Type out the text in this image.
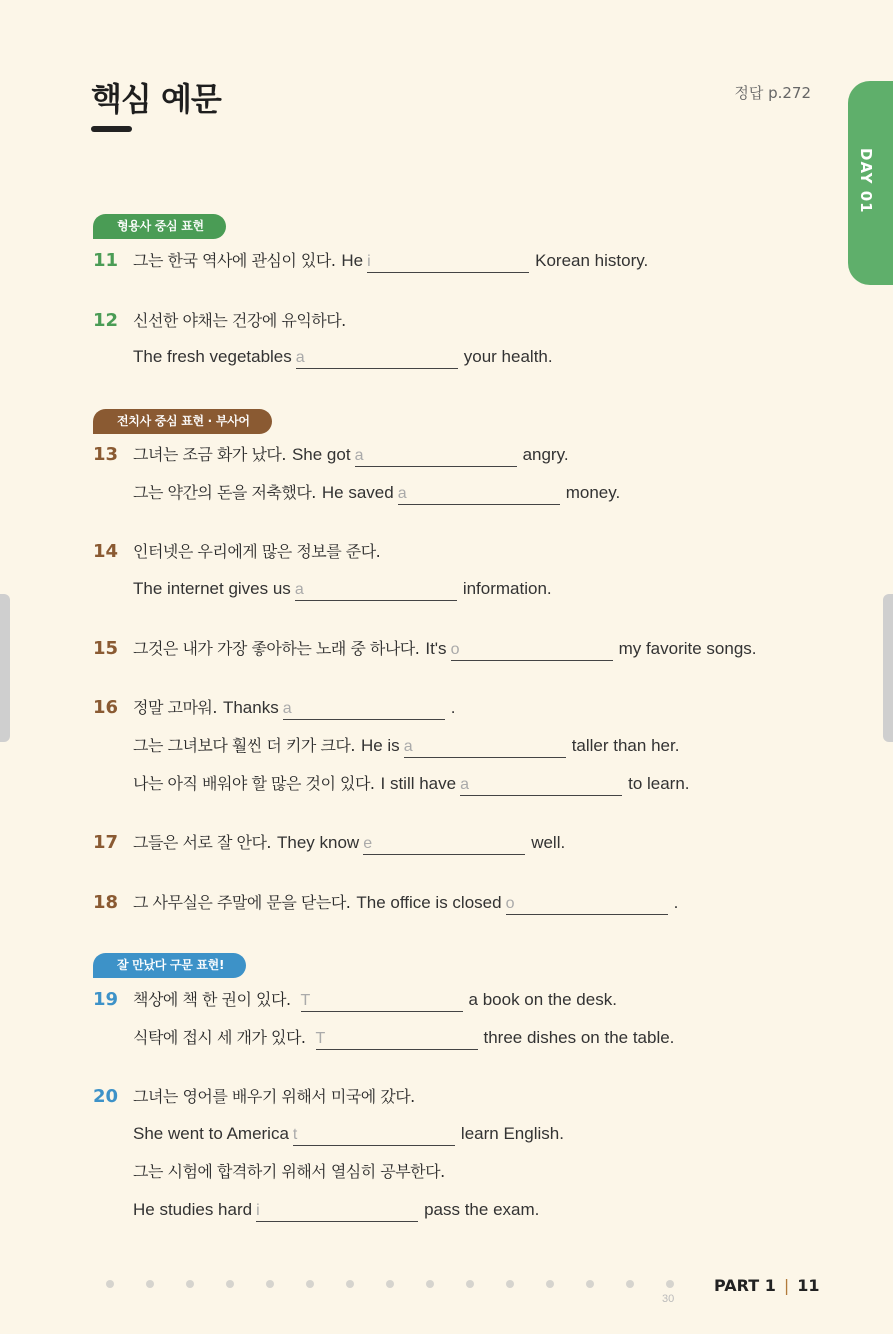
핵심 예문	정답 p.272
DAY 01
형용사 중심 표현
11 그는 한국 역사에 관심이 있다. He i	Korean history.
12 신선한 야채는 건강에 유익하다.
The fresh vegetables a	your health.
전치사 중심 표현 · 부사어
13 그녀는 조금 화가 났다. She got a	angry.
그는 약간의 돈을 저축했다. He saved a	money.
14 인터넷은 우리에게 많은 정보를 준다.
The internet gives us a	information.
15 그것은 내가 가장 좋아하는 노래 중 하나다. It's o	my favorite songs.
16 정말 고마워. Thanks a	.
그는 그녀보다 훨씬 더 키가 크다. He is a	taller than her.
나는 아직 배워야 할 많은 것이 있다. I still have a	to learn.
17 그들은 서로 잘 안다. They know e	well.
18 그 사무실은 주말에 문을 닫는다. The office is closed o	.
잘 만났다 구문 표현!
19 책상에 책 한 권이 있다. T	a book on the desk.
식탁에 접시 세 개가 있다. T	three dishes on the table.
20 그녀는 영어를 배우기 위해서 미국에 갔다.
She went to America t	learn English.
그는 시험에 합격하기 위해서 열심히 공부한다.
He studies hard i	pass the exam.
PART 1 | 11
30
